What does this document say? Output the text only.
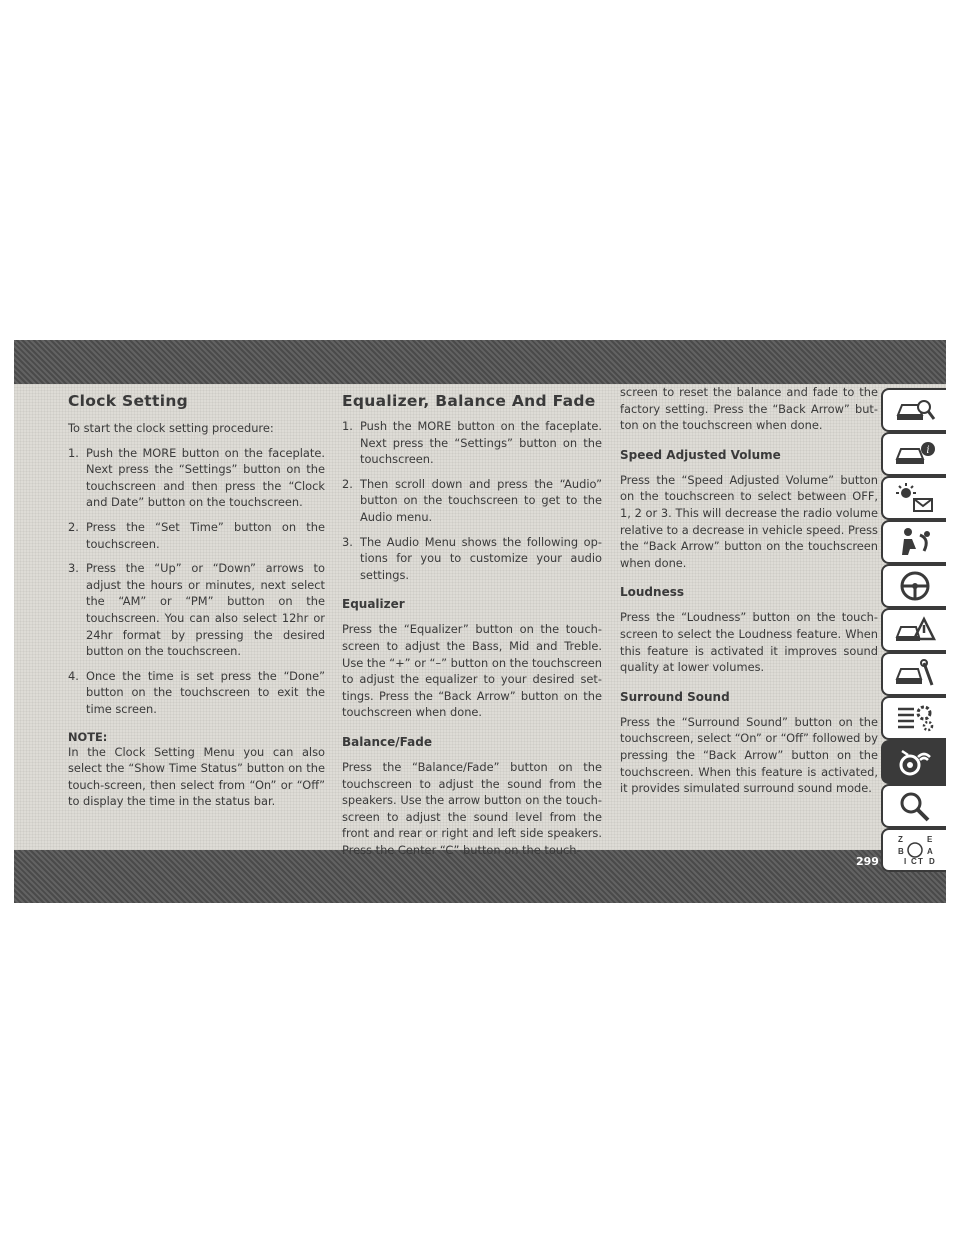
Clock Setting

To start the clock setting procedure:

1. Push the MORE button on the faceplate. Next press the “Settings” button on the touchscreen and then press the “Clock and Date” button on the touchscreen.
2. Press the “Set Time” button on the touchscreen.
3. Press the “Up” or “Down” arrows to adjust the hours or minutes, next select the “AM” or “PM” button on the touchscreen. You can also select 12hr or 24hr format by pressing the desired button on the touchscreen.
4. Once the time is set press the “Done” button on the touchscreen to exit the time screen.
NOTE:

In the Clock Setting Menu you can also select the “Show Time Status” button on the touch-screen, then select from “On” or “Off” to display the time in the status bar.

Equalizer, Balance And Fade
1. Push the MORE button on the faceplate. Next press the “Settings” button on the touchscreen.
2. Then scroll down and press the “Audio” button on the touchscreen to get to the Audio menu.
3. The Audio Menu shows the following op-tions for you to customize your audio settings.
Equalizer

Press the “Equalizer” button on the touch-screen to adjust the Bass, Mid and Treble. Use the “+” or “–” button on the touchscreen to adjust the equalizer to your desired set-tings. Press the “Back Arrow” button on the touchscreen when done.

Balance/Fade

Press the “Balance/Fade” button on the touchscreen to adjust the sound from the speakers. Use the arrow button on the touch-screen to adjust the sound level from the front and rear or right and left side speakers. Press the Center “C” button on the touch-

screen to reset the balance and fade to the factory setting. Press the “Back Arrow” but-ton on the touchscreen when done.

Speed Adjusted Volume

Press the “Speed Adjusted Volume” button on the touchscreen to select between OFF, 1, 2 or 3. This will decrease the radio volume relative to a decrease in vehicle speed. Press the “Back Arrow” button on the touchscreen when done.

Loudness

Press the “Loudness” button on the touch-screen to select the Loudness feature. When this feature is activated it improves sound quality at lower volumes.

Surround Sound

Press the “Surround Sound” button on the touchscreen, select “On” or “Off” followed by pressing the “Back Arrow” button on the touchscreen. When this feature is activated, it provides simulated surround sound mode.

i
Z	E
B	A
I C T D
299
